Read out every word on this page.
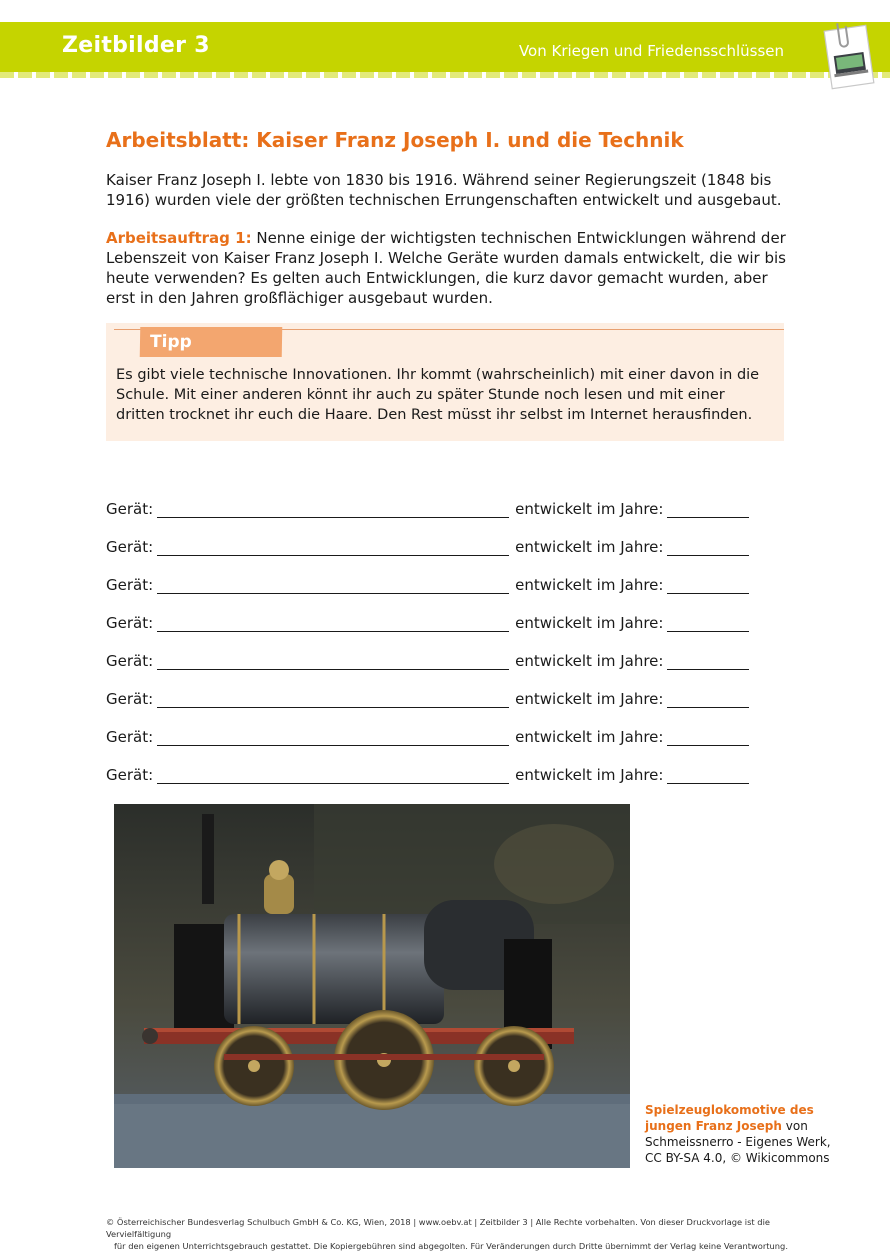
Zeitbilder 3	Von Kriegen und Friedensschlüssen
Arbeitsblatt: Kaiser Franz Joseph I. und die Technik
Kaiser Franz Joseph I. lebte von 1830 bis 1916. Während seiner Regierungszeit (1848 bis 1916) wurden viele der größten technischen Errungenschaften entwickelt und ausgebaut.
Arbeitsauftrag 1: Nenne einige der wichtigsten technischen Entwicklungen während der Lebenszeit von Kaiser Franz Joseph I. Welche Geräte wurden damals entwickelt, die wir bis heute verwenden? Es gelten auch Entwicklungen, die kurz davor gemacht wurden, aber erst in den Jahren großflächiger ausgebaut wurden.
Tipp
Es gibt viele technische Innovationen. Ihr kommt (wahrscheinlich) mit einer davon in die Schule. Mit einer anderen könnt ihr auch zu später Stunde noch lesen und mit einer dritten trocknet ihr euch die Haare. Den Rest müsst ihr selbst im Internet herausfinden.
Gerät:	entwickelt im Jahre:
Gerät:	entwickelt im Jahre:
Gerät:	entwickelt im Jahre:
Gerät:	entwickelt im Jahre:
Gerät:	entwickelt im Jahre:
Gerät:	entwickelt im Jahre:
Gerät:	entwickelt im Jahre:
Gerät:	entwickelt im Jahre:
Spielzeuglokomotive des jungen Franz Joseph von Schmeissnerro - Eigenes Werk, CC BY-SA 4.0, © Wikicommons
© Österreichischer Bundesverlag Schulbuch GmbH & Co. KG, Wien, 2018 | www.oebv.at | Zeitbilder 3 | Alle Rechte vorbehalten. Von dieser Druckvorlage ist die Vervielfältigung
für den eigenen Unterrichtsgebrauch gestattet. Die Kopiergebühren sind abgegolten. Für Veränderungen durch Dritte übernimmt der Verlag keine Verantwortung.
